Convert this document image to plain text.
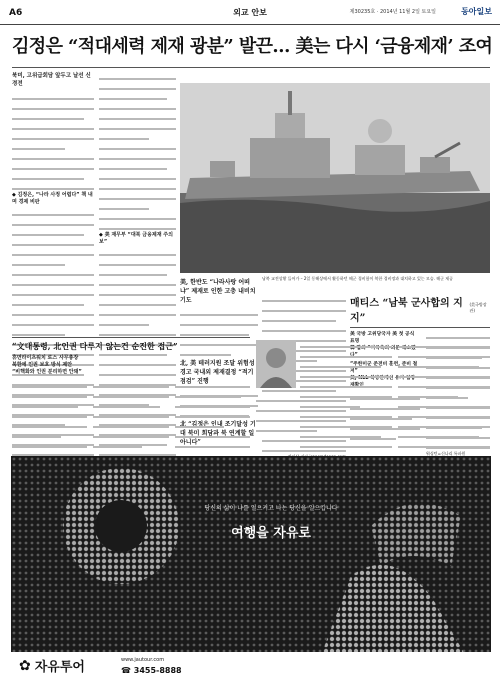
A6	외교 안보	제30235호 · 2014년 11월 2일 토요일	동아일보
김정은 “적대세력 제재 광분” 발끈… 美는 다시 ‘금융제재’ 조여
북미, 고위급회담 앞두고 날선 신경전
◆ 김정은, “나라 사정 어렵다” 책 내며 경제 비판
◆ 美 재무부 “대북 금융제재 주의보”
美, 한반도 “나라사랑 어떠냐” 제재로 인한 고충 내비치기도
北, 美 테러지원 조달 위험성 경고 국내외 제재결정 “적기 점검” 진행
北 “김정은 인내 조기달성 기대 북미 회담과 북 연계할 일 아니다”
남북 교전상황 들어가 – 2일 동해상에서 활동하던 해군 경비함이 북한 경비정과 대치하고 있는 모습. 해군 제공
매티스 “남북 군사합의 지지”
(美국방장관)
美 국방 고위당국자 美 첫 공식 표명
韓 합의 “미국측의 의문 해소됐다”
“주한미군 준전비 훈련, 준비 철저”
美, NLL 북방한계선 유지 입장 재확인
워싱턴=신나리 특파원
“文대통령, 北인권 다루지 않는건 순진한 접근”
휴먼라이츠워치 로스 사무총장
북한에 인권 보호 방식 제안
“비핵화와 인권 분리하면 안돼”
당신의 삶이 나를 일으키고 나는 당신을 일으킵니다
여행을 자유로
✿ 자유투어	www.jautour.com
☎ 3455-8888
